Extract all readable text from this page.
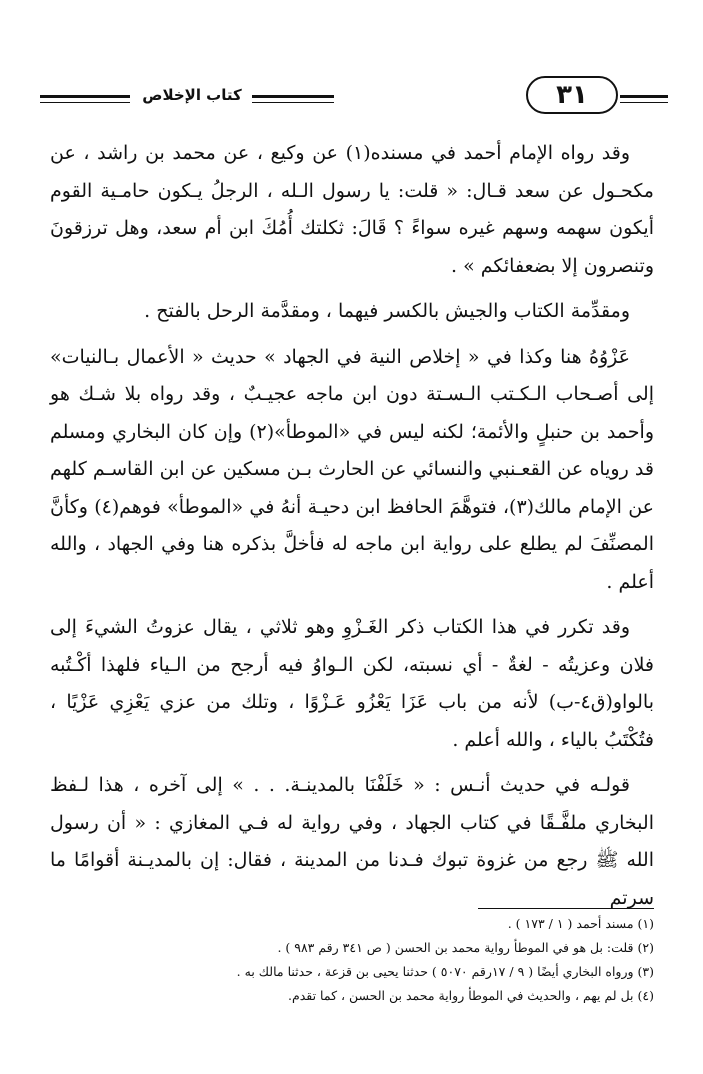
كتاب الإخلاص	٣١

وقد رواه الإمام أحمد في مسنده(١) عن وكيع ، عن محمد بن راشد ، عن مكحـول عن سعد قـال: « قلت: يا رسول الـله ، الرجلُ يـكون حامـية القوم أيكون سهمه وسهم غيره سواءً ؟ قَالَ: ثكلتك أُمُكَ ابن أم سعد، وهل ترزقونَ وتنصرون إلا بضعفائكم » .

ومقدِّمة الكتاب والجيش بالكسر فيهما ، ومقدَّمة الرحل بالفتح .

عَزْوُهُ هنا وكذا في « إخلاص النية في الجهاد » حديث « الأعمال بـالنيات» إلى أصـحاب الـكـتب الـسـتة دون ابن ماجه عجيـبٌ ، وقد رواه بلا شـك هو وأحمد بن حنبلٍ والأئمة؛ لكنه ليس في «الموطأ»(٢) وإن كان البخاري ومسلم قد روياه عن القعـنبي والنسائي عن الحارث بـن مسكين عن ابن القاسـم كلهم عن الإمام مالك(٣)، فتوهَّمَ الحافظ ابن دحيـة أنهُ في «الموطأ» فوهم(٤) وكأنَّ المصنِّفَ لم يطلع على رواية ابن ماجه له فأخلَّ بذكره هنا وفي الجهاد ، والله أعلم .

وقد تكرر في هذا الكتاب ذكر الغَـزْوِ وهو ثلاثي ، يقال عزوتُ الشيءَ إلى فلان وعزيتُه - لغةٌ - أي نسبته، لكن الـواوُ فيه أرجح من الـياء فلهذا أكْـتُبه بالواو(ق٤-ب) لأنه من باب عَزَا يَعْزُو عَـزْوًا ، وتلك من عزي يَعْزِي عَزْيًا ، فتُكْتَبُ بالياء ، والله أعلم .

قولـه في حديث أنـس : « خَلَفْنَا بالمدينـة. . . » إلى آخره ، هذا لـفظ البخاري ملفَّـقًا في كتاب الجهاد ، وفي رواية له فـي المغازي : « أن رسول الله ﷺ رجع من غزوة تبوك فـدنا من المدينة ، فقال: إن بالمديـنة أقوامًا ما سرتم

(١) مسند أحمد ( ١ / ١٧٣ ) .

(٢) قلت: بل هو في الموطأ رواية محمد بن الحسن ( ص ٣٤١ رقم ٩٨٣ ) .

(٣) ورواه البخاري أيضًا ( ٩ / ١٧رقم ٥٠٧٠ ) حدثنا يحيى بن قزعة ، حدثنا مالك به .

(٤) بل لم يهم ، والحديث في الموطأ رواية محمد بن الحسن ، كما تقدم.
